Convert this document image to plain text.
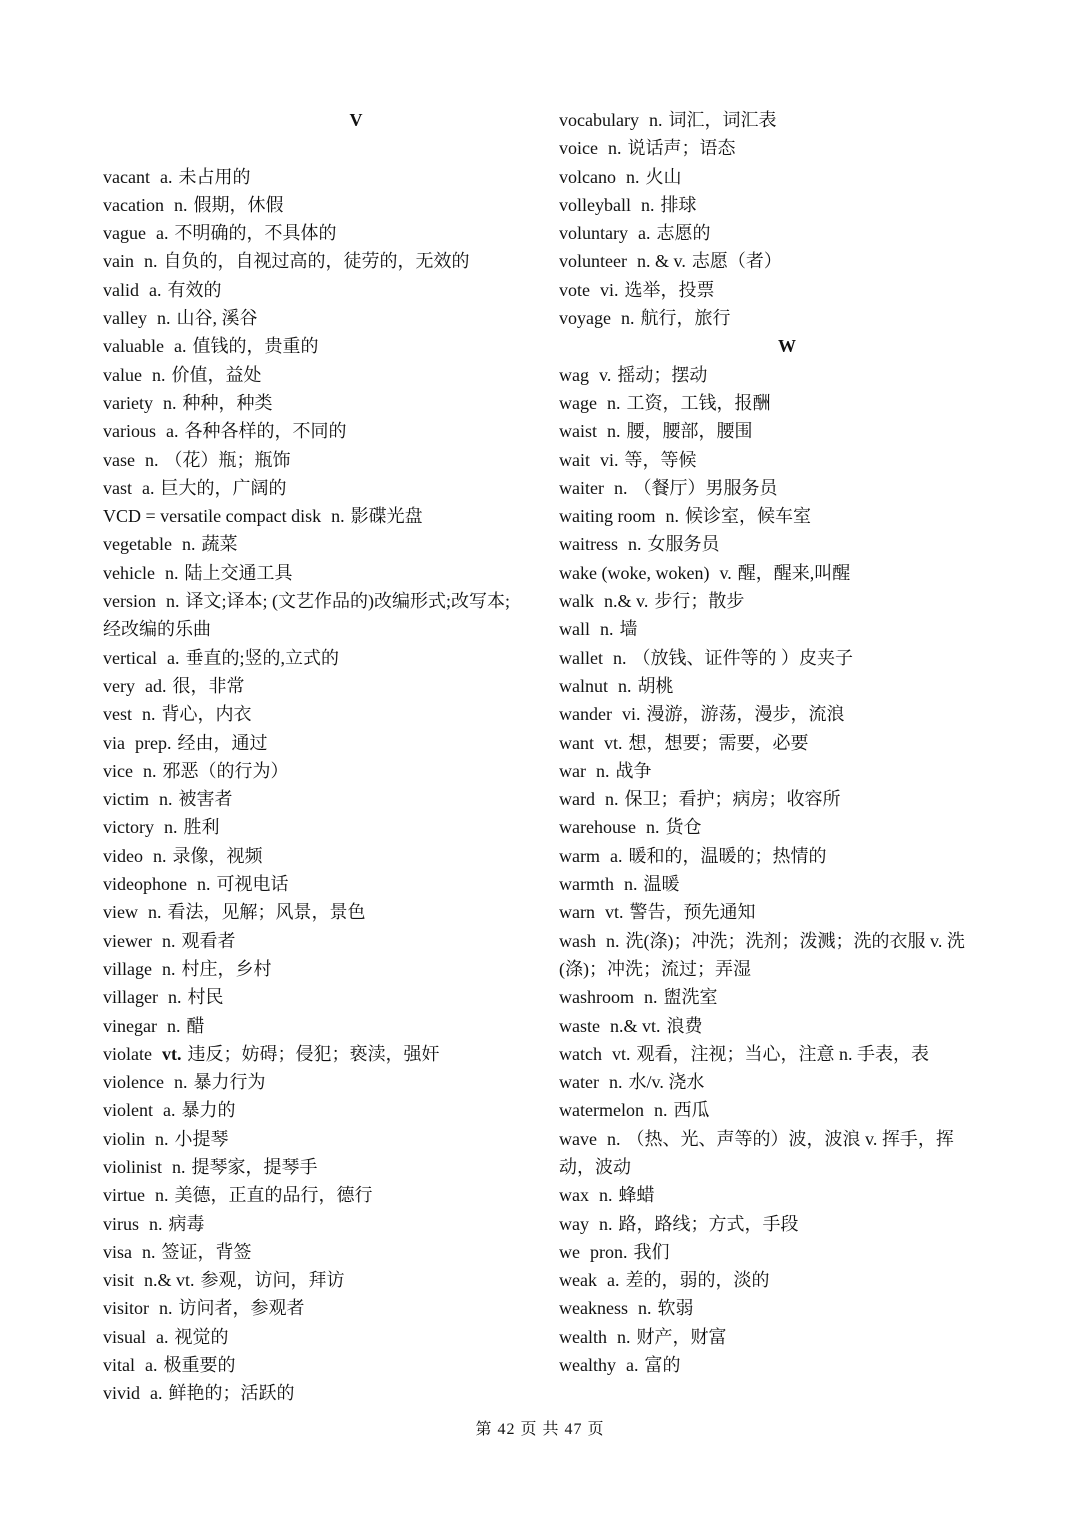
V

vacant a. 未占用的

vacation n. 假期，休假

vague a. 不明确的，不具体的

vain n. 自负的，自视过高的，徒劳的，无效的

valid a. 有效的

valley n. 山谷, 溪谷

valuable a. 值钱的，贵重的

value n. 价值，益处

variety n. 种种，种类

various a. 各种各样的，不同的

vase n. （花）瓶；瓶饰

vast a. 巨大的，广阔的

VCD = versatile compact disk n. 影碟光盘

vegetable n. 蔬菜

vehicle n. 陆上交通工具

version n. 译文;译本; (文艺作品的)改编形式;改写本;经改编的乐曲

vertical a. 垂直的;竖的,立式的

very ad. 很，非常

vest n. 背心，内衣

via prep. 经由，通过

vice n. 邪恶（的行为）

victim n. 被害者

victory n. 胜利

video n. 录像，视频

videophone n. 可视电话

view n. 看法，见解；风景，景色

viewer n. 观看者

village n. 村庄，乡村

villager n. 村民

vinegar n. 醋

violate vt. 违反；妨碍；侵犯；亵渎，强奸

violence n. 暴力行为

violent a. 暴力的

violin n. 小提琴

violinist n. 提琴家，提琴手

virtue n. 美德，正直的品行，德行

virus n. 病毒

visa n. 签证，背签

visit n.& vt. 参观，访问，拜访

visitor n. 访问者，参观者

visual a. 视觉的

vital a. 极重要的

vivid a. 鲜艳的；活跃的

vocabulary n. 词汇，词汇表

voice n. 说话声；语态

volcano n. 火山

volleyball n. 排球

voluntary a. 志愿的

volunteer n. & v. 志愿（者）

vote vi. 选举，投票

voyage n. 航行，旅行

W

wag v. 摇动；摆动

wage n. 工资，工钱，报酬

waist n. 腰，腰部，腰围

wait vi. 等，等候

waiter n. （餐厅）男服务员

waiting room n. 候诊室，候车室

waitress n. 女服务员

wake (woke, woken) v. 醒，醒来,叫醒

walk n.& v. 步行；散步

wall n. 墙

wallet n. （放钱、证件等的 ）皮夹子

walnut n. 胡桃

wander vi. 漫游，游荡，漫步，流浪

want vt. 想，想要；需要，必要

war n. 战争

ward n. 保卫；看护；病房；收容所

warehouse n. 货仓

warm a. 暖和的，温暖的；热情的

warmth n. 温暖

warn vt. 警告，预先通知

wash n. 洗(涤)；冲洗；洗剂；泼溅；洗的衣服 v. 洗(涤)；冲洗；流过；弄湿

washroom n. 盥洗室

waste n.& vt. 浪费

watch vt. 观看，注视；当心，注意 n. 手表，表

water n. 水/v. 浇水

watermelon n. 西瓜

wave n. （热、光、声等的）波，波浪 v. 挥手，挥动，波动

wax n. 蜂蜡

way n. 路，路线；方式，手段

we pron. 我们

weak a. 差的，弱的，淡的

weakness n. 软弱

wealth n. 财产，财富

wealthy a. 富的

第 42 页 共 47 页
